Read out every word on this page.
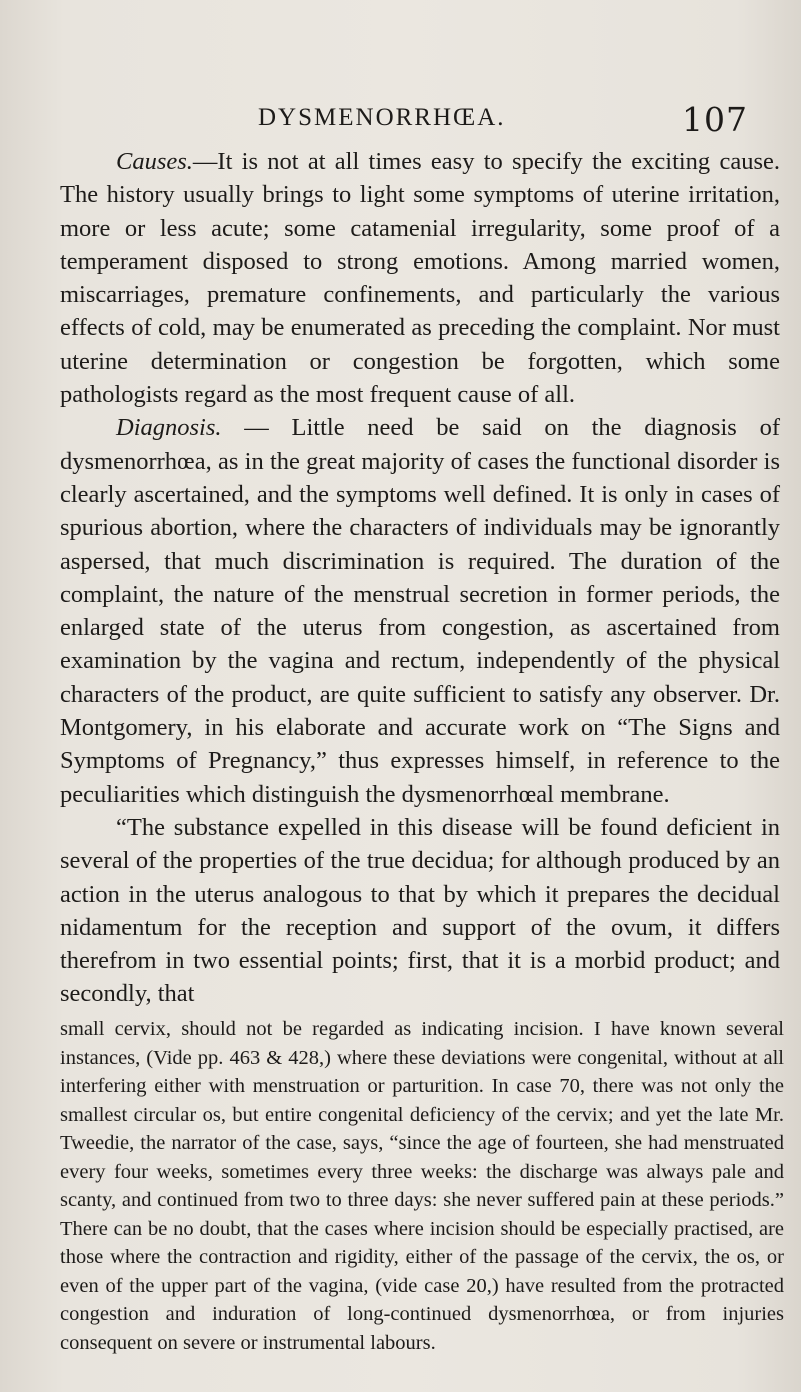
DYSMENORRHŒA.	107

Causes.—It is not at all times easy to specify the exciting cause. The history usually brings to light some symptoms of uterine irritation, more or less acute; some catamenial irregularity, some proof of a temperament disposed to strong emotions. Among married women, miscarriages, premature confinements, and particularly the various effects of cold, may be enumerated as preceding the complaint. Nor must uterine determination or congestion be forgotten, which some pathologists regard as the most frequent cause of all.

Diagnosis. — Little need be said on the diagnosis of dysmenorrhœa, as in the great majority of cases the functional disorder is clearly ascertained, and the symptoms well defined. It is only in cases of spurious abortion, where the characters of individuals may be ignorantly aspersed, that much discrimination is required. The duration of the complaint, the nature of the menstrual secretion in former periods, the enlarged state of the uterus from congestion, as ascertained from examination by the vagina and rectum, independently of the physical characters of the product, are quite sufficient to satisfy any observer. Dr. Montgomery, in his elaborate and accurate work on “The Signs and Symptoms of Pregnancy,” thus expresses himself, in reference to the peculiarities which distinguish the dysmenorrhœal membrane.

“The substance expelled in this disease will be found deficient in several of the properties of the true decidua; for although produced by an action in the uterus analogous to that by which it prepares the decidual nidamentum for the reception and support of the ovum, it differs therefrom in two essential points; first, that it is a morbid product; and secondly, that

small cervix, should not be regarded as indicating incision. I have known several instances, (Vide pp. 463 & 428,) where these deviations were congenital, without at all interfering either with menstruation or parturition. In case 70, there was not only the smallest circular os, but entire congenital deficiency of the cervix; and yet the late Mr. Tweedie, the narrator of the case, says, “since the age of fourteen, she had menstruated every four weeks, sometimes every three weeks: the discharge was always pale and scanty, and continued from two to three days: she never suffered pain at these periods.” There can be no doubt, that the cases where incision should be especially practised, are those where the contraction and rigidity, either of the passage of the cervix, the os, or even of the upper part of the vagina, (vide case 20,) have resulted from the protracted congestion and induration of long-continued dysmenorrhœa, or from injuries consequent on severe or instrumental labours.
